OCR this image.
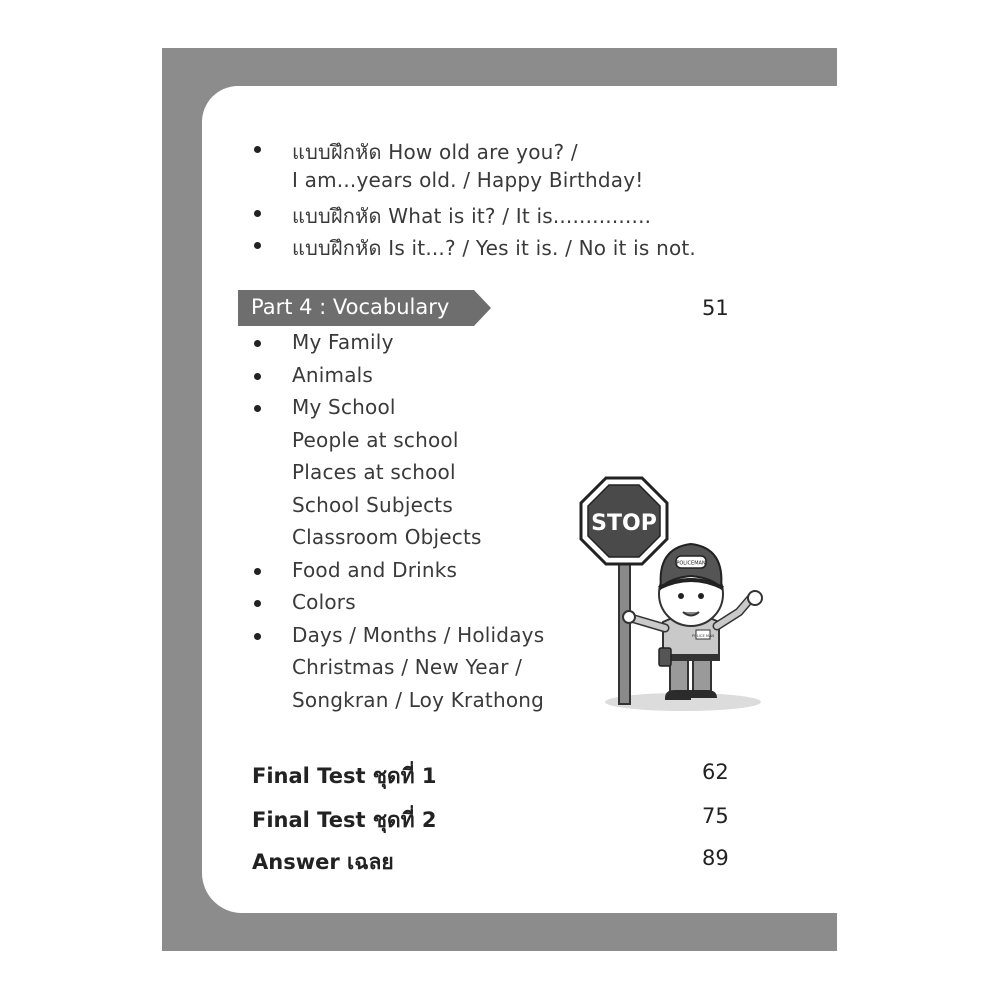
แบบฝึกหัด How old are you? /
I am...years old. / Happy Birthday!
แบบฝึกหัด What is it? / It is...............
แบบฝึกหัด Is it...? / Yes it is. / No it is not.
Part 4 : Vocabulary	51
My Family
Animals
My School
People at school
Places at school
School Subjects
Classroom Objects
Food and Drinks
Colors
Days / Months / Holidays
Christmas / New Year /
Songkran / Loy Krathong
STOP
POLICE MAN
POLICEMAN
Final Test ชุดที่ 1	62
Final Test ชุดที่ 2	75
Answer เฉลย	89
